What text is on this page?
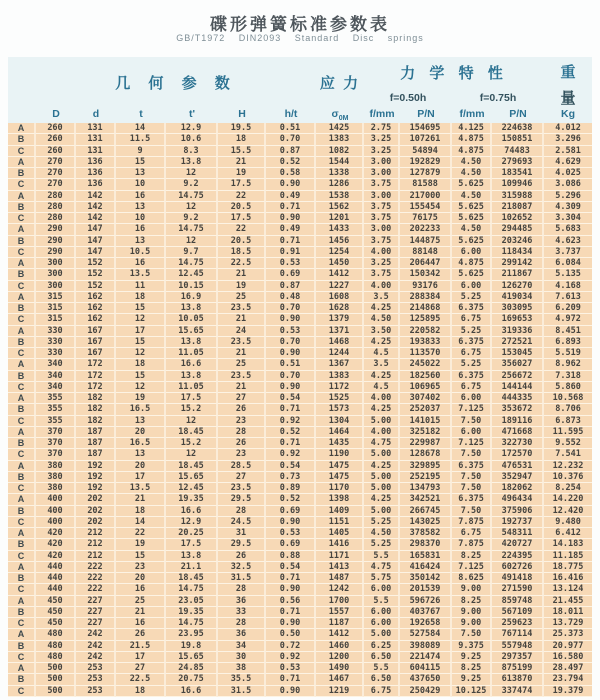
碟形弹簧标准参数表
GB/T1972 DIN2093 Standard Disc springs
	几 何 参 数						应 力	力 学 特 性				重
								f=0.50h		f=0.75h		量
	D	d	t	t'	H	h/t	$\sigma_{0M}$	f/mm	P/N	f/mm	P/N	Kg
A	260	131	14	12.9	19.5	0.51	1425	2.75	154695	4.125	224638	4.012
B	260	131	11.5	10.6	18	0.70	1383	3.25	107261	4.875	150851	3.296
C	260	131	9	8.3	15.5	0.87	1082	3.25	54894	4.875	74483	2.581
A	270	136	15	13.8	21	0.52	1544	3.00	192829	4.50	279693	4.629
B	270	136	13	12	19	0.58	1338	3.00	127879	4.50	183541	4.025
C	270	136	10	9.2	17.5	0.90	1286	3.75	81588	5.625	109946	3.086
A	280	142	16	14.75	22	0.49	1538	3.00	217000	4.50	315988	5.296
B	280	142	13	12	20.5	0.71	1562	3.75	155454	5.625	218087	4.309
C	280	142	10	9.2	17.5	0.90	1201	3.75	76175	5.625	102652	3.304
A	290	147	16	14.75	22	0.49	1433	3.00	202233	4.50	294485	5.683
B	290	147	13	12	20.5	0.71	1456	3.75	144875	5.625	203246	4.623
C	290	147	10.5	9.7	18.5	0.91	1254	4.00	88148	6.00	118434	3.737
A	300	152	16	14.75	22.5	0.53	1450	3.25	206447	4.875	299142	6.084
B	300	152	13.5	12.45	21	0.69	1412	3.75	150342	5.625	211867	5.135
C	300	152	11	10.15	19	0.87	1227	4.00	93176	6.00	126270	4.168
A	315	162	18	16.9	25	0.48	1608	3.5	288384	5.25	419034	7.613
B	315	162	15	13.8	23.5	0.70	1628	4.25	214868	6.375	303095	6.209
C	315	162	12	10.05	21	0.90	1379	4.50	125895	6.75	169653	4.972
A	330	167	17	15.65	24	0.53	1371	3.50	220582	5.25	319336	8.451
B	330	167	15	13.8	23.5	0.70	1468	4.25	193833	6.375	272521	6.893
C	330	167	12	11.05	21	0.90	1244	4.5	113570	6.75	153045	5.519
A	340	172	18	16.6	25	0.51	1367	3.5	245022	5.25	356027	8.962
B	340	172	15	13.8	23.5	0.70	1383	4.25	182560	6.375	256672	7.318
C	340	172	12	11.05	21	0.90	1172	4.5	106965	6.75	144144	5.860
A	355	182	19	17.5	27	0.54	1525	4.00	307402	6.00	444335	10.568
B	355	182	16.5	15.2	26	0.71	1573	4.25	252037	7.125	353672	8.706
C	355	182	13	12	23	0.92	1304	5.00	141015	7.50	189116	6.873
A	370	187	20	18.45	28	0.52	1464	4.00	325182	6.00	471668	11.595
B	370	187	16.5	15.2	26	0.71	1435	4.75	229987	7.125	322730	9.552
C	370	187	13	12	23	0.92	1190	5.00	128678	7.50	172570	7.541
A	380	192	20	18.45	28.5	0.54	1475	4.25	329895	6.375	476531	12.232
B	380	192	17	15.65	27	0.73	1475	5.00	252195	7.50	352947	10.376
C	380	192	13.5	12.45	23.5	0.89	1170	5.00	134793	7.50	182062	8.254
A	400	202	21	19.35	29.5	0.52	1398	4.25	342521	6.375	496434	14.220
B	400	202	18	16.6	28	0.69	1409	5.00	266745	7.50	375906	12.420
C	400	202	14	12.9	24.5	0.90	1151	5.25	143025	7.875	192737	9.480
A	420	212	22	20.25	31	0.53	1405	4.50	378582	6.75	548311	6.412
B	420	212	19	17.5	29.5	0.69	1416	5.25	298370	7.875	420727	14.183
C	420	212	15	13.8	26	0.88	1171	5.5	165831	8.25	224395	11.185
A	440	222	23	21.1	32.5	0.54	1413	4.75	416424	7.125	602726	18.775
B	440	222	20	18.45	31.5	0.71	1487	5.75	350142	8.625	491418	16.416
C	440	222	16	14.75	28	0.90	1242	6.00	201539	9.00	271590	13.124
A	450	227	25	23.05	36	0.56	1700	5.5	596726	8.25	859748	21.455
B	450	227	21	19.35	33	0.71	1557	6.00	403767	9.00	567109	18.011
C	450	227	16	14.75	28	0.90	1187	6.00	192658	9.00	259623	13.729
A	480	242	26	23.95	36	0.50	1412	5.00	527584	7.50	767114	25.373
B	480	242	21.5	19.8	34	0.72	1460	6.25	398089	9.375	557948	20.977
C	480	242	17	15.65	30	0.92	1200	6.50	221474	9.25	297357	16.580
A	500	253	27	24.85	38	0.53	1490	5.5	604115	8.25	875199	28.497
B	500	253	22.5	20.75	35.5	0.71	1467	6.50	437650	9.25	613870	23.794
C	500	253	18	16.6	31.5	0.90	1219	6.75	250429	10.125	337474	19.379
